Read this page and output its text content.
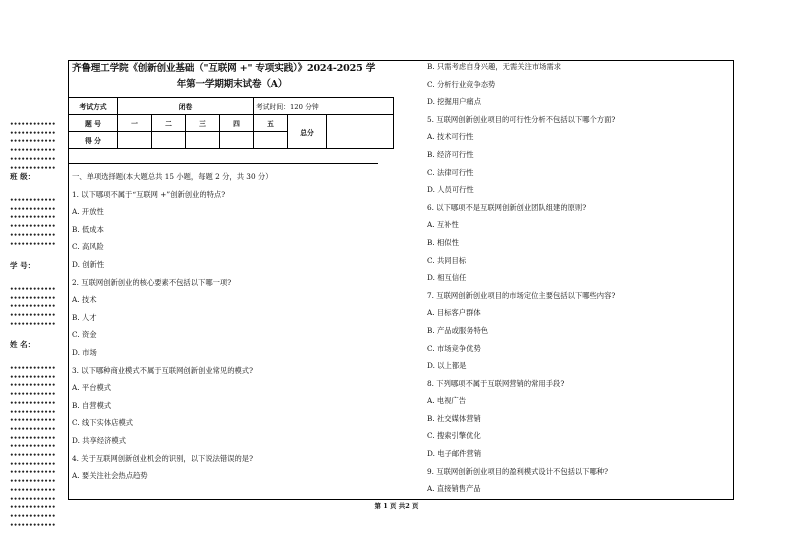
••••••••••••
••••••••••••
••••••••••••
••••••••••••
••••••••••••
••••••••••••
••••••••••••
••••••••••••
••••••••••••
••••••••••••
••••••••••••
••••••••••••
••••••••••••
••••••••••••
••••••••••••
••••••••••••
••••••••••••
••••••••••••
••••••••••••
••••••••••••
••••••••••••
••••••••••••
••••••••••••
••••••••••••
••••••••••••
••••••••••••
••••••••••••
••••••••••••
••••••••••••
••••••••••••
••••••••••••
••••••••••••
••••••••••••
••••••••••••
••••••••••••
••••••••••••
班 级：
学 号：
姓 名：
齐鲁理工学院《创新创业基础（"互联网 +" 专项实践）》2024-2025 学
年第一学期期末试卷（A）
考试方式	闭卷				考试时间：120 分钟		
题 号	一	二	三	四	五	总分	
得 分							
一、单项选择题(本大题总共 15 小题，每题 2 分，共 30 分）
1. 以下哪项不属于“互联网 +”创新创业的特点?
A. 开放性
B. 低成本
C. 高风险
D. 创新性
2. 互联网创新创业的核心要素不包括以下哪一项?
A. 技术
B. 人才
C. 资金
D. 市场
3. 以下哪种商业模式不属于互联网创新创业常见的模式?
A. 平台模式
B. 自营模式
C. 线下实体店模式
D. 共享经济模式
4. 关于互联网创新创业机会的识别，以下说法错误的是?
A. 要关注社会热点趋势
B. 只需考虑自身兴趣，无需关注市场需求
C. 分析行业竞争态势
D. 挖掘用户痛点
5. 互联网创新创业项目的可行性分析不包括以下哪个方面?
A. 技术可行性
B. 经济可行性
C. 法律可行性
D. 人员可行性
6. 以下哪项不是互联网创新创业团队组建的原则?
A. 互补性
B. 相似性
C. 共同目标
D. 相互信任
7. 互联网创新创业项目的市场定位主要包括以下哪些内容?
A. 目标客户群体
B. 产品或服务特色
C. 市场竞争优势
D. 以上都是
8. 下列哪项不属于互联网营销的常用手段?
A. 电视广告
B. 社交媒体营销
C. 搜索引擎优化
D. 电子邮件营销
9. 互联网创新创业项目的盈利模式设计不包括以下哪种?
A. 直接销售产品
第 1 页 共2 页
